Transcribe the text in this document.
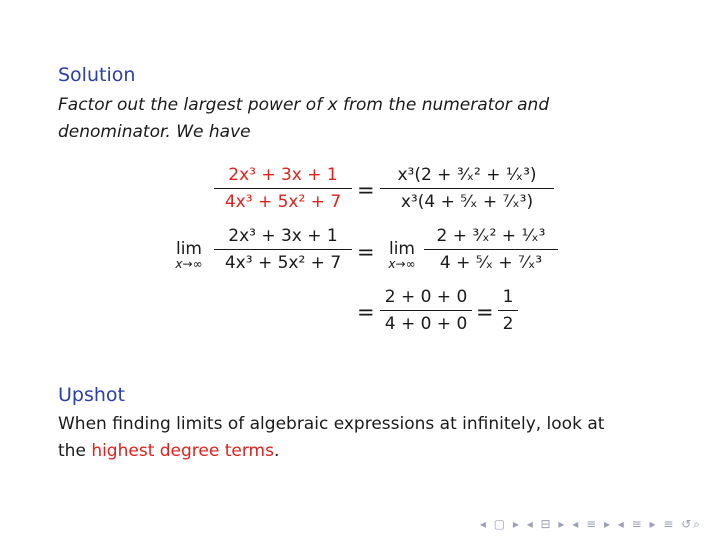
Solution
Factor out the largest power of x from the numerator and
denominator. We have
2x³ + 3x + 1
4x³ + 5x² + 7
=
x³(2 + ³⁄ₓ² + ¹⁄ₓ³)
x³(4 + ⁵⁄ₓ + ⁷⁄ₓ³)
lim
x→∞
2x³ + 3x + 1
4x³ + 5x² + 7 = lim
x→∞
2 + ³⁄ₓ² + ¹⁄ₓ³
4 + ⁵⁄ₓ + ⁷⁄ₓ³
=
2 + 0 + 0
4 + 0 + 0
=
1
2
Upshot
When finding limits of algebraic expressions at infinitely, look at
the highest degree terms.
◂ ▢ ▸ ◂ ⊟ ▸ ◂ ≡ ▸ ◂ ≡ ▸ ≡ ↺⌕
